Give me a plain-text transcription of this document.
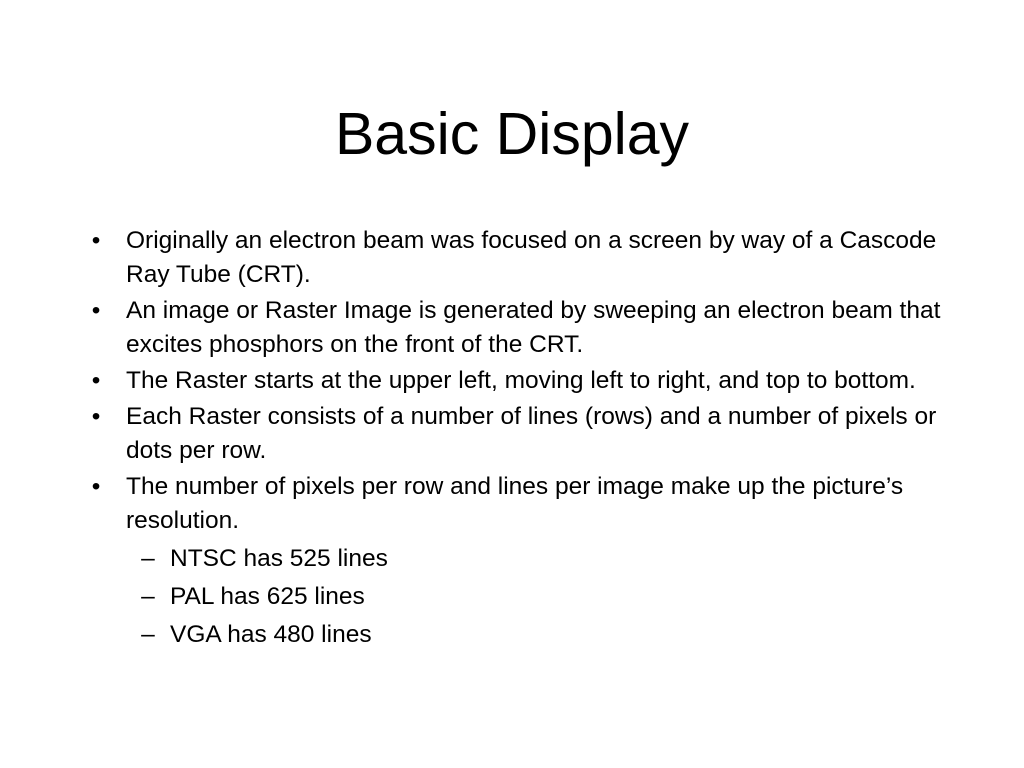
Basic Display
• Originally an electron beam was focused on a screen by way of a Cascode Ray Tube (CRT).
• An image or Raster Image is generated by sweeping an electron beam that excites phosphors on the front of the CRT.
• The Raster starts at the upper left, moving left to right, and top to bottom.
• Each Raster consists of a number of lines (rows) and a number of pixels or dots per row.
• The number of pixels per row and lines per image make up the picture’s resolution.
– NTSC has 525 lines
– PAL has 625 lines
– VGA has 480 lines
